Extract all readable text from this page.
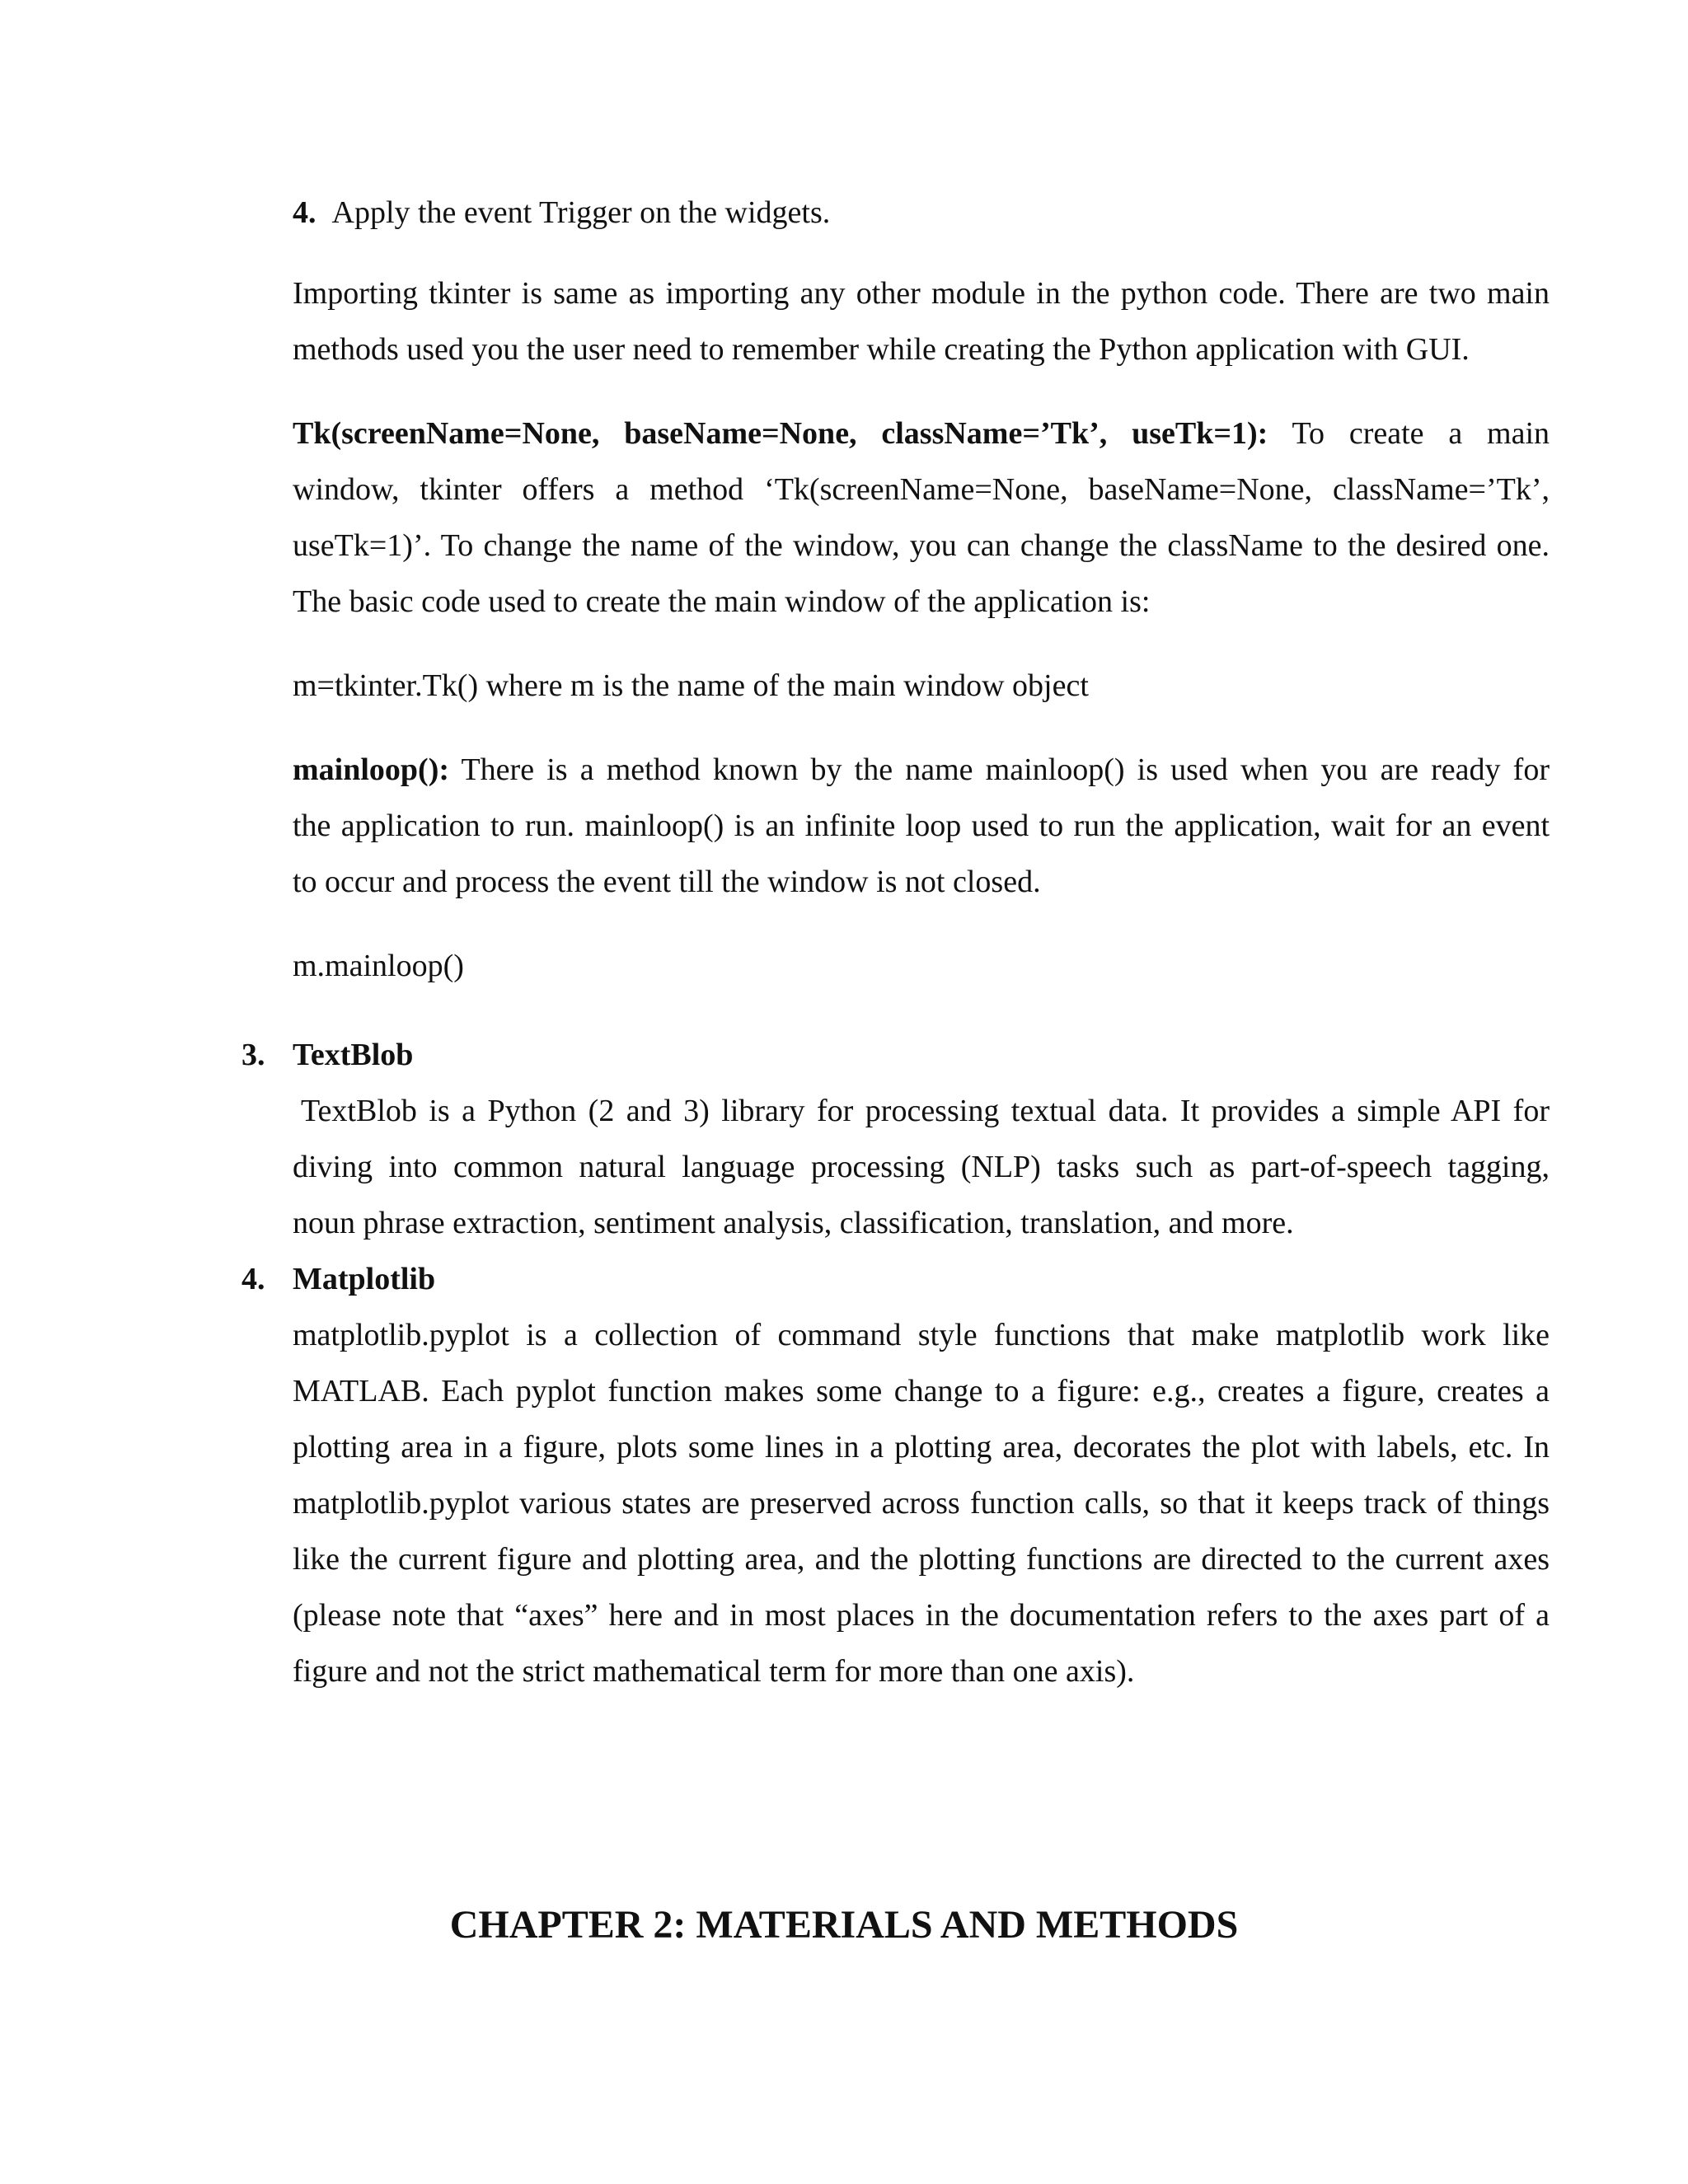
4. Apply the event Trigger on the widgets.
Importing tkinter is same as importing any other module in the python code. There are two main
methods used you the user need to remember while creating the Python application with GUI.
Tk(screenName=None, baseName=None, className=’Tk’, useTk=1): To create a main
window, tkinter offers a method ‘Tk(screenName=None, baseName=None, className=’Tk’,
useTk=1)’. To change the name of the window, you can change the className to the desired one.
The basic code used to create the main window of the application is:
m=tkinter.Tk() where m is the name of the main window object
mainloop(): There is a method known by the name mainloop() is used when you are ready for
the application to run. mainloop() is an infinite loop used to run the application, wait for an event
to occur and process the event till the window is not closed.
m.mainloop()
3. TextBlob
TextBlob is a Python (2 and 3) library for processing textual data. It provides a simple API for
diving into common natural language processing (NLP) tasks such as part-of-speech tagging,
noun phrase extraction, sentiment analysis, classification, translation, and more.
4. Matplotlib
matplotlib.pyplot is a collection of command style functions that make matplotlib work like
MATLAB. Each pyplot function makes some change to a figure: e.g., creates a figure, creates a
plotting area in a figure, plots some lines in a plotting area, decorates the plot with labels, etc. In
matplotlib.pyplot various states are preserved across function calls, so that it keeps track of things
like the current figure and plotting area, and the plotting functions are directed to the current axes
(please note that “axes” here and in most places in the documentation refers to the axes part of a
figure and not the strict mathematical term for more than one axis).
CHAPTER 2: MATERIALS AND METHODS
